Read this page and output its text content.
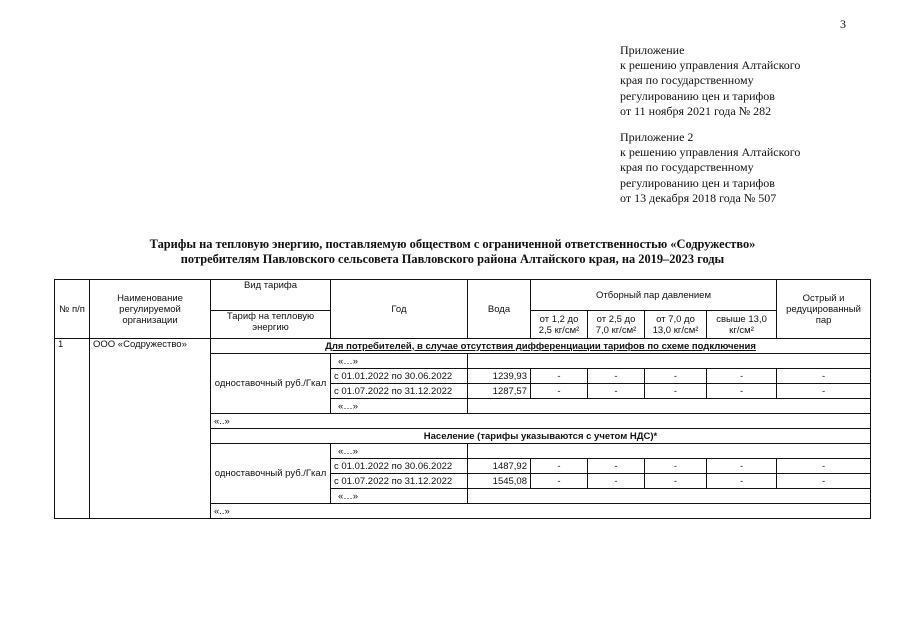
3
Приложение
к решению управления Алтайского
края по государственному
регулированию цен и тарифов
от 11 ноября 2021 года № 282
Приложение 2
к решению управления Алтайского
края по государственному
регулированию цен и тарифов
от 13 декабря 2018 года № 507
Тарифы на тепловую энергию, поставляемую обществом с ограниченной ответственностью «Содружество»
потребителям Павловского сельсовета Павловского района Алтайского края, на 2019–2023 годы
№ п/п	Наименование регулируемой организации	Вид тарифа	Год	Вода	Отборный пар давлением				Острый и редуцированный пар
		Тариф на тепловую энергию			от 1,2 до 2,5 кг/см²	от 2,5 до 7,0 кг/см²	от 7,0 до 13,0 кг/см²	свыше 13,0 кг/см²	
1	ООО «Содружество»	Для потребителей, в случае отсутствия дифференциации тарифов по схеме подключения							
		одноставочный руб./Гкал	«…»						
			с 01.01.2022 по 30.06.2022	1239,93	-	-	-	-	-
			с 01.07.2022 по 31.12.2022	1287,57	-	-	-	-	-
			«…»						
		«..»							
		Население (тарифы указываются с учетом НДС)*							
		одноставочный руб./Гкал	«…»						
			с 01.01.2022 по 30.06.2022	1487,92	-	-	-	-	-
			с 01.07.2022 по 31.12.2022	1545,08	-	-	-	-	-
			«…»						
		«..»							
